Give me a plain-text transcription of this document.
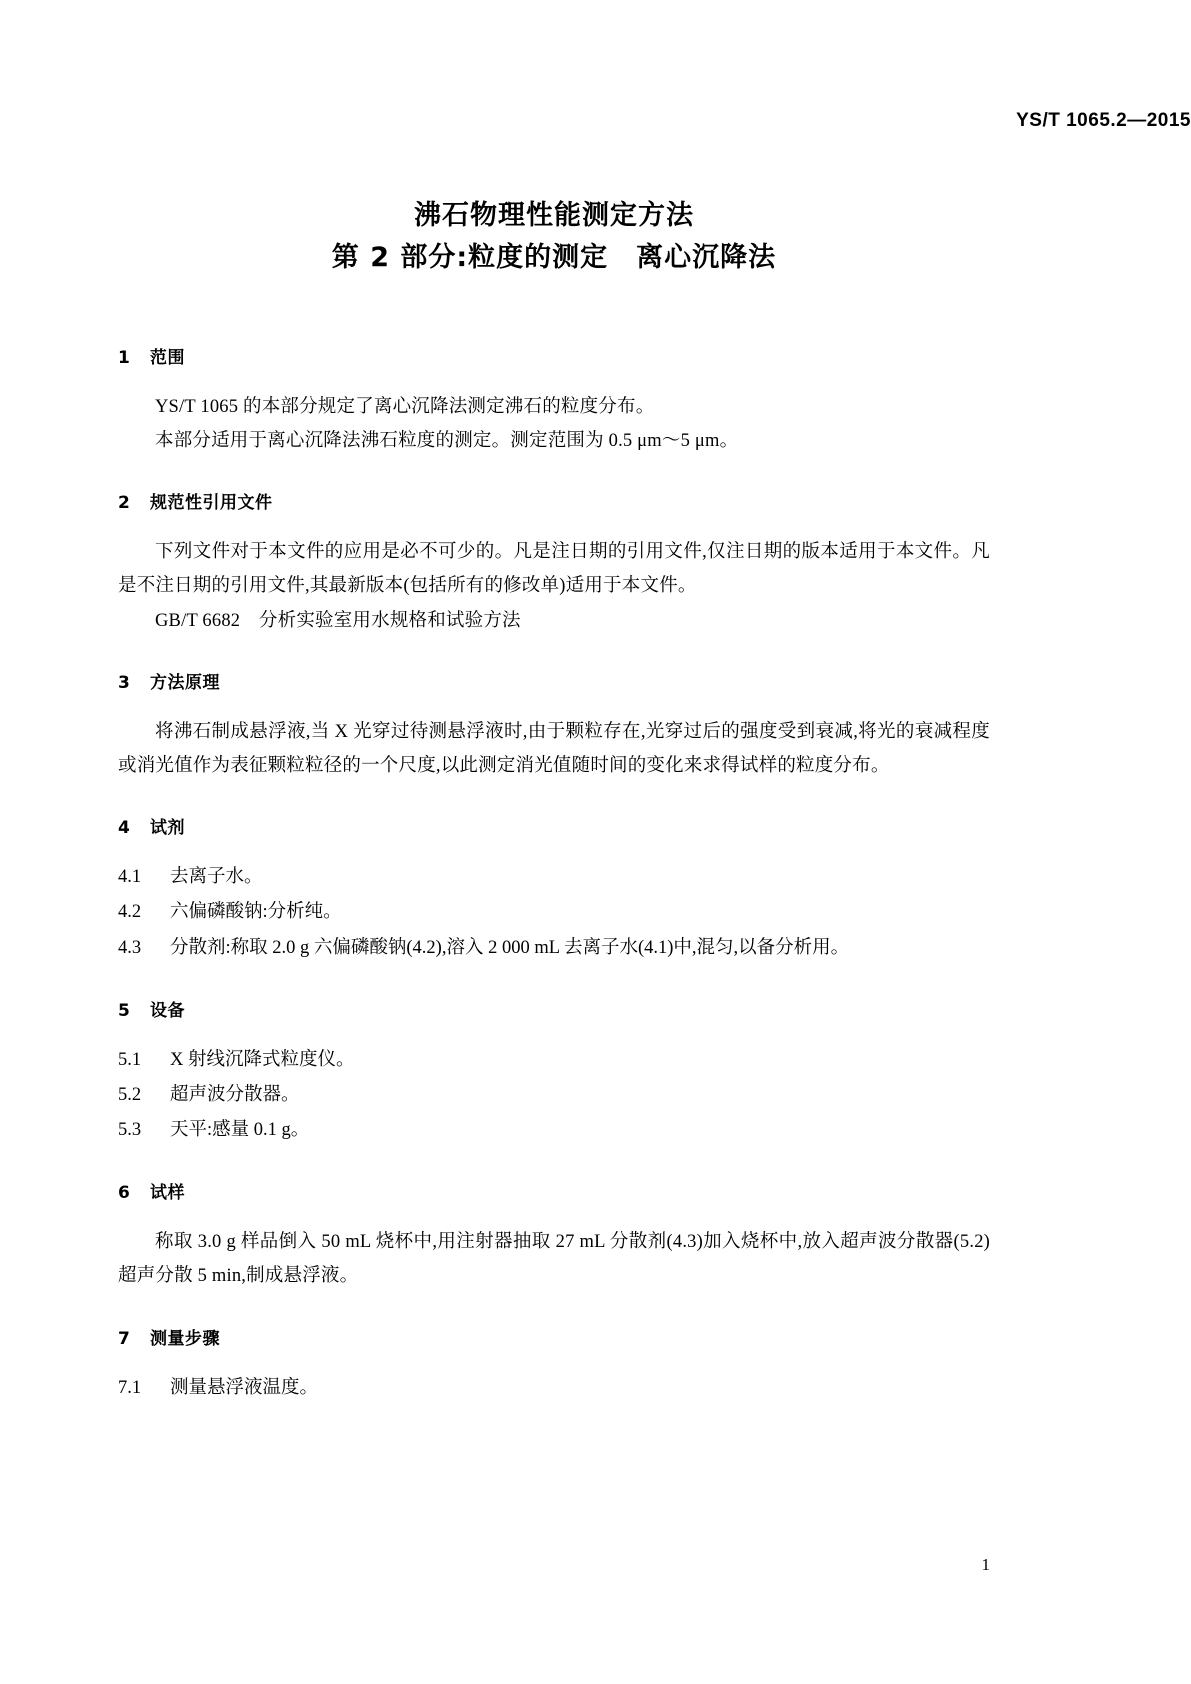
YS/T 1065.2—2015
沸石物理性能测定方法
第 2 部分:粒度的测定　离心沉降法
1	范围

YS/T 1065 的本部分规定了离心沉降法测定沸石的粒度分布。

本部分适用于离心沉降法沸石粒度的测定。测定范围为 0.5 μm～5 μm。

2	规范性引用文件

下列文件对于本文件的应用是必不可少的。凡是注日期的引用文件,仅注日期的版本适用于本文件。凡是不注日期的引用文件,其最新版本(包括所有的修改单)适用于本文件。

GB/T 6682　分析实验室用水规格和试验方法

3	方法原理

将沸石制成悬浮液,当 X 光穿过待测悬浮液时,由于颗粒存在,光穿过后的强度受到衰减,将光的衰减程度或消光值作为表征颗粒粒径的一个尺度,以此测定消光值随时间的变化来求得试样的粒度分布。

4	试剂
4.1	去离子水。
4.2	六偏磷酸钠:分析纯。
4.3	分散剂:称取 2.0 g 六偏磷酸钠(4.2),溶入 2 000 mL 去离子水(4.1)中,混匀,以备分析用。
5	设备
5.1	X 射线沉降式粒度仪。
5.2	超声波分散器。
5.3	天平:感量 0.1 g。
6	试样

称取 3.0 g 样品倒入 50 mL 烧杯中,用注射器抽取 27 mL 分散剂(4.3)加入烧杯中,放入超声波分散器(5.2)超声分散 5 min,制成悬浮液。

7	测量步骤
7.1	测量悬浮液温度。
1
